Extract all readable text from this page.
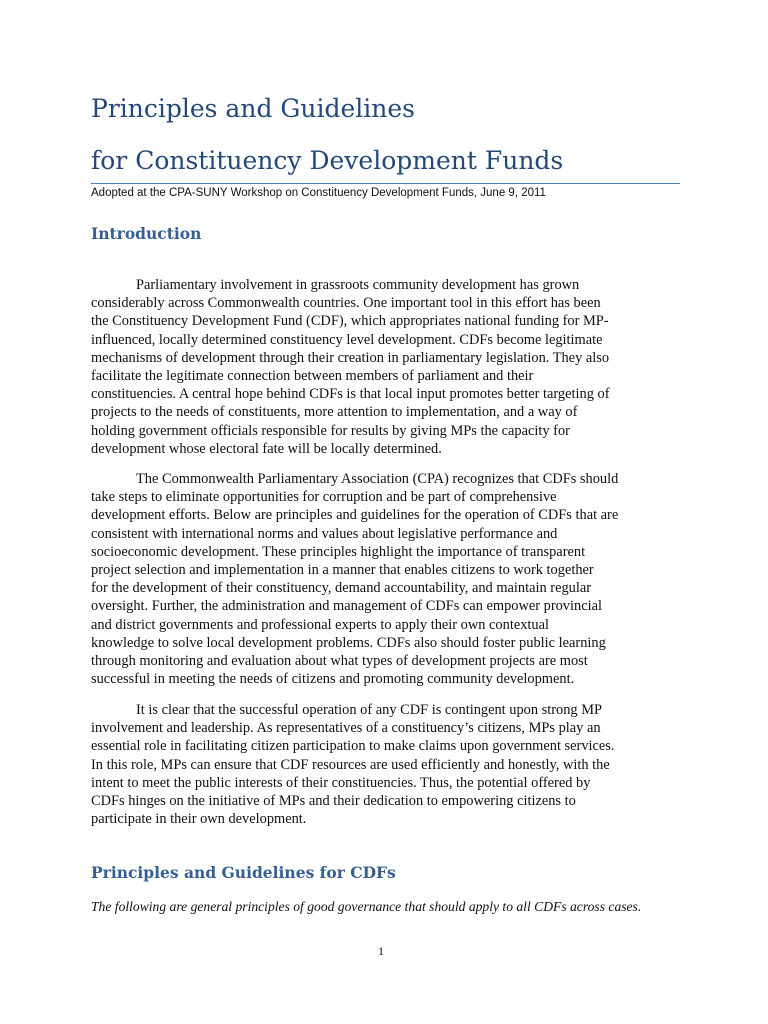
Principles and Guidelines
for Constituency Development Funds
Adopted at the CPA-SUNY Workshop on Constituency Development Funds, June 9, 2011
Introduction

Parliamentary involvement in grassroots community development has grown
considerably across Commonwealth countries. One important tool in this effort has been
the Constituency Development Fund (CDF), which appropriates national funding for MP-
influenced, locally determined constituency level development. CDFs become legitimate
mechanisms of development through their creation in parliamentary legislation. They also
facilitate the legitimate connection between members of parliament and their
constituencies. A central hope behind CDFs is that local input promotes better targeting of
projects to the needs of constituents, more attention to implementation, and a way of
holding government officials responsible for results by giving MPs the capacity for
development whose electoral fate will be locally determined.

The Commonwealth Parliamentary Association (CPA) recognizes that CDFs should
take steps to eliminate opportunities for corruption and be part of comprehensive
development efforts. Below are principles and guidelines for the operation of CDFs that are
consistent with international norms and values about legislative performance and
socioeconomic development. These principles highlight the importance of transparent
project selection and implementation in a manner that enables citizens to work together
for the development of their constituency, demand accountability, and maintain regular
oversight. Further, the administration and management of CDFs can empower provincial
and district governments and professional experts to apply their own contextual
knowledge to solve local development problems. CDFs also should foster public learning
through monitoring and evaluation about what types of development projects are most
successful in meeting the needs of citizens and promoting community development.

It is clear that the successful operation of any CDF is contingent upon strong MP
involvement and leadership. As representatives of a constituency’s citizens, MPs play an
essential role in facilitating citizen participation to make claims upon government services.
In this role, MPs can ensure that CDF resources are used efficiently and honestly, with the
intent to meet the public interests of their constituencies. Thus, the potential offered by
CDFs hinges on the initiative of MPs and their dedication to empowering citizens to
participate in their own development.

Principles and Guidelines for CDFs
The following are general principles of good governance that should apply to all CDFs across cases.
1
